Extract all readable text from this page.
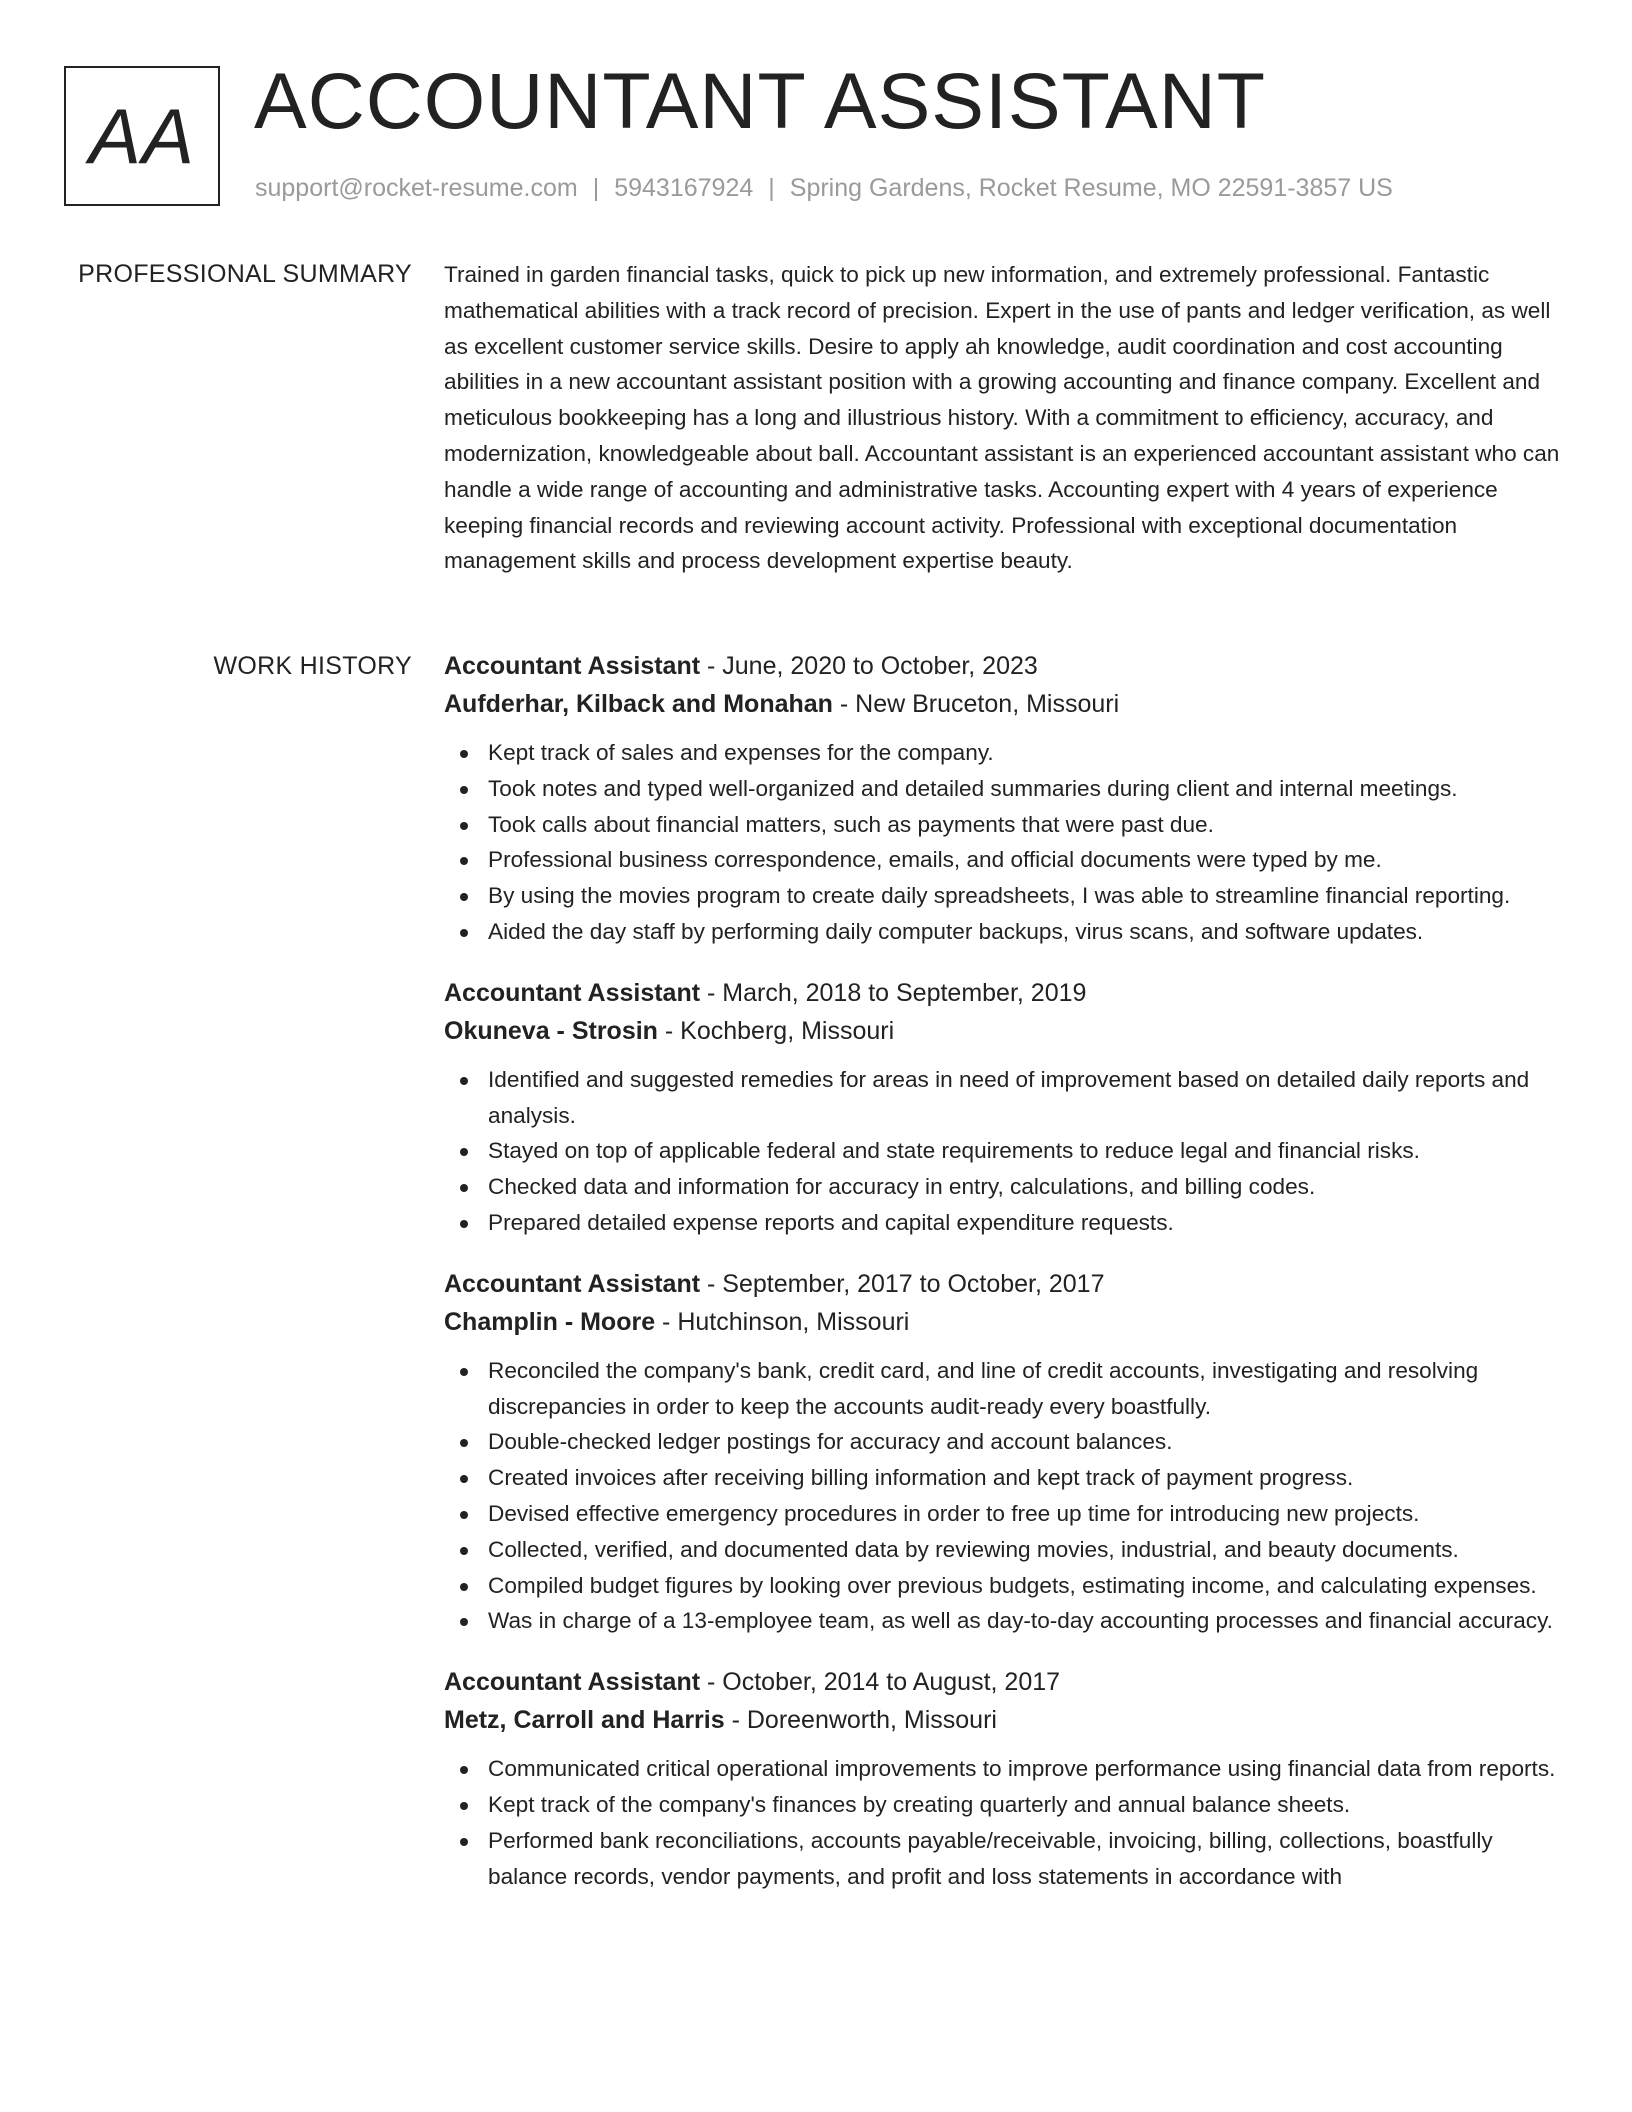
AA ACCOUNTANT ASSISTANT
support@rocket-resume.com | 5943167924 | Spring Gardens, Rocket Resume, MO 22591-3857 US
PROFESSIONAL SUMMARY Trained in garden financial tasks, quick to pick up new information, and extremely professional. Fantastic mathematical abilities with a track record of precision. Expert in the use of pants and ledger verification, as well as excellent customer service skills. Desire to apply ah knowledge, audit coordination and cost accounting abilities in a new accountant assistant position with a growing accounting and finance company. Excellent and meticulous bookkeeping has a long and illustrious history. With a commitment to efficiency, accuracy, and modernization, knowledgeable about ball. Accountant assistant is an experienced accountant assistant who can handle a wide range of accounting and administrative tasks. Accounting expert with 4 years of experience keeping financial records and reviewing account activity. Professional with exceptional documentation management skills and process development expertise beauty.

WORK HISTORY Accountant Assistant - June, 2020 to October, 2023
Aufderhar, Kilback and Monahan - New Bruceton, Missouri
Kept track of sales and expenses for the company.
Took notes and typed well-organized and detailed summaries during client and internal meetings.
Took calls about financial matters, such as payments that were past due.
Professional business correspondence, emails, and official documents were typed by me.
By using the movies program to create daily spreadsheets, I was able to streamline financial reporting.
Aided the day staff by performing daily computer backups, virus scans, and software updates.
Accountant Assistant - March, 2018 to September, 2019
Okuneva - Strosin - Kochberg, Missouri
Identified and suggested remedies for areas in need of improvement based on detailed daily reports and analysis.
Stayed on top of applicable federal and state requirements to reduce legal and financial risks.
Checked data and information for accuracy in entry, calculations, and billing codes.
Prepared detailed expense reports and capital expenditure requests.
Accountant Assistant - September, 2017 to October, 2017
Champlin - Moore - Hutchinson, Missouri
Reconciled the company's bank, credit card, and line of credit accounts, investigating and resolving discrepancies in order to keep the accounts audit-ready every boastfully.
Double-checked ledger postings for accuracy and account balances.
Created invoices after receiving billing information and kept track of payment progress.
Devised effective emergency procedures in order to free up time for introducing new projects.
Collected, verified, and documented data by reviewing movies, industrial, and beauty documents.
Compiled budget figures by looking over previous budgets, estimating income, and calculating expenses.
Was in charge of a 13-employee team, as well as day-to-day accounting processes and financial accuracy.
Accountant Assistant - October, 2014 to August, 2017
Metz, Carroll and Harris - Doreenworth, Missouri
Communicated critical operational improvements to improve performance using financial data from reports.
Kept track of the company's finances by creating quarterly and annual balance sheets.
Performed bank reconciliations, accounts payable/receivable, invoicing, billing, collections, boastfully balance records, vendor payments, and profit and loss statements in accordance with
